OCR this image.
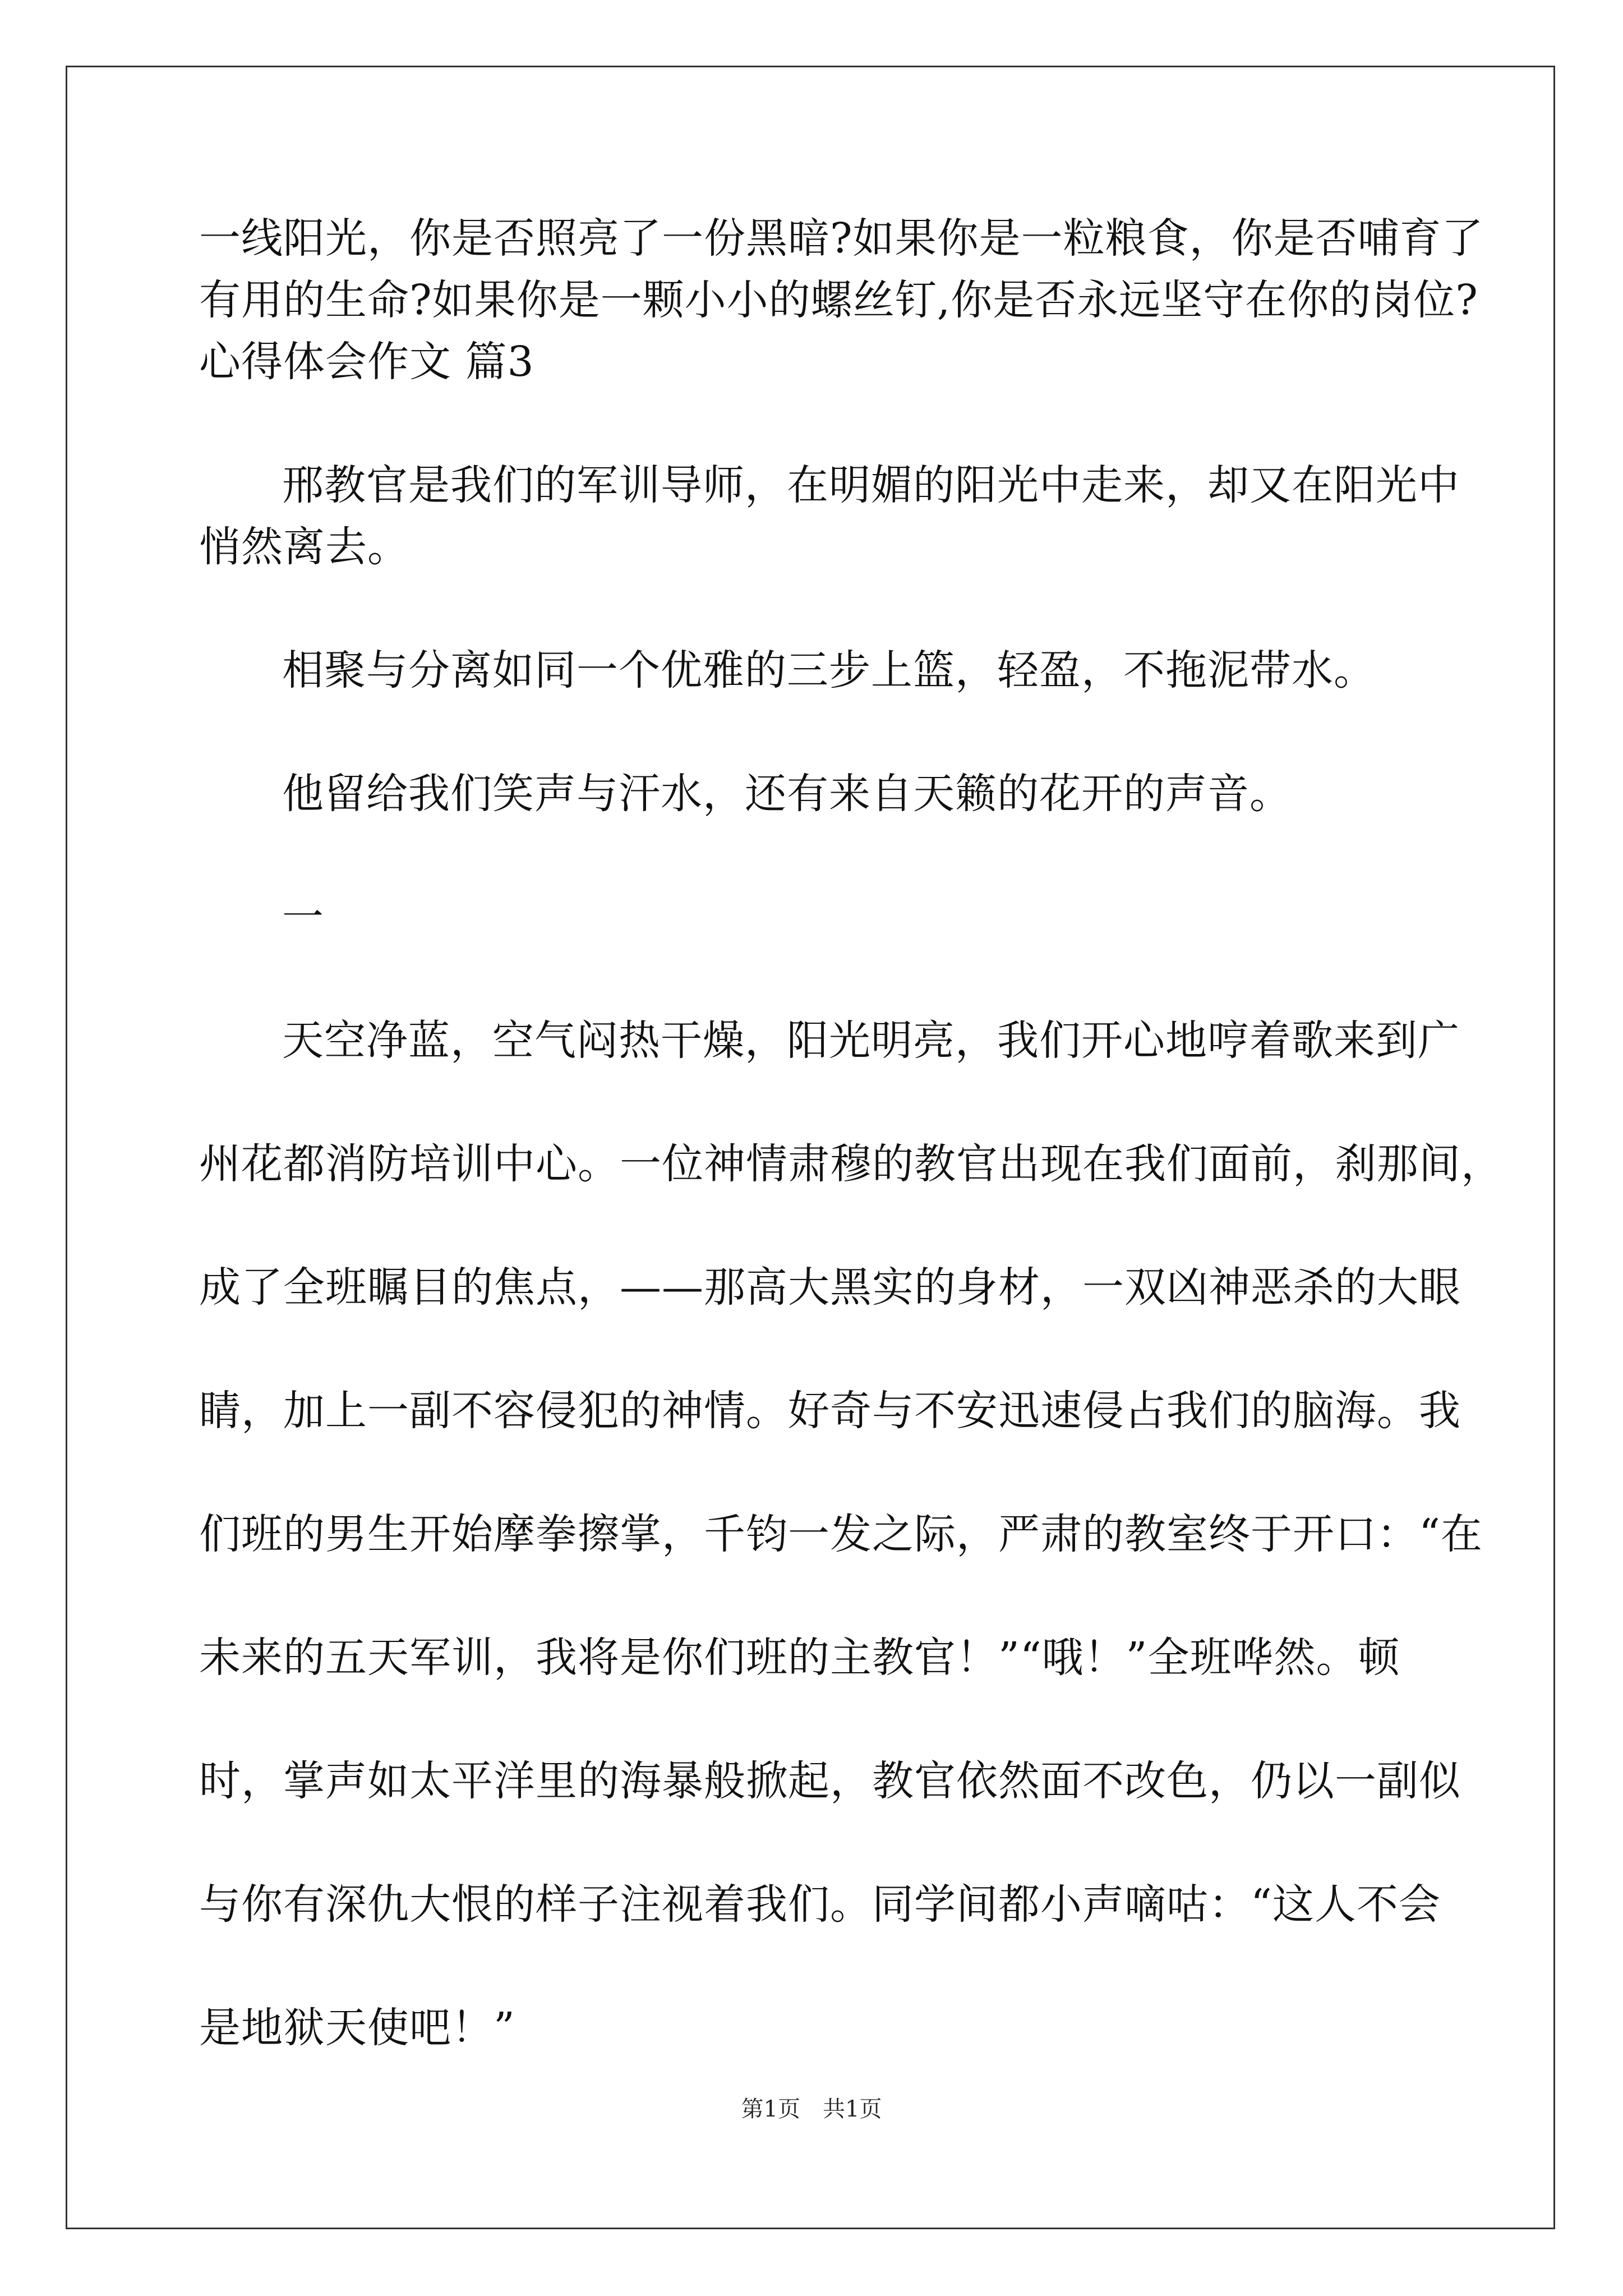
一线阳光，你是否照亮了一份黑暗?如果你是一粒粮食，你是否哺育了

有用的生命?如果你是一颗小小的螺丝钉,你是否永远坚守在你的岗位?

心得体会作文 篇3

邢教官是我们的军训导师，在明媚的阳光中走来，却又在阳光中

悄然离去。

相聚与分离如同一个优雅的三步上篮，轻盈，不拖泥带水。

他留给我们笑声与汗水，还有来自天籁的花开的声音。

一

天空净蓝，空气闷热干燥，阳光明亮，我们开心地哼着歌来到广

州花都消防培训中心。一位神情肃穆的教官出现在我们面前，刹那间，

成了全班瞩目的焦点，——那高大黑实的身材，一双凶神恶杀的大眼

睛，加上一副不容侵犯的神情。好奇与不安迅速侵占我们的脑海。我

们班的男生开始摩拳擦掌，千钧一发之际，严肃的教室终于开口：“在

未来的五天军训，我将是你们班的主教官！”“哦！”全班哗然。顿

时，掌声如太平洋里的海暴般掀起，教官依然面不改色，仍以一副似

与你有深仇大恨的样子注视着我们。同学间都小声嘀咕：“这人不会

是地狱天使吧！”

第1页 共1页
